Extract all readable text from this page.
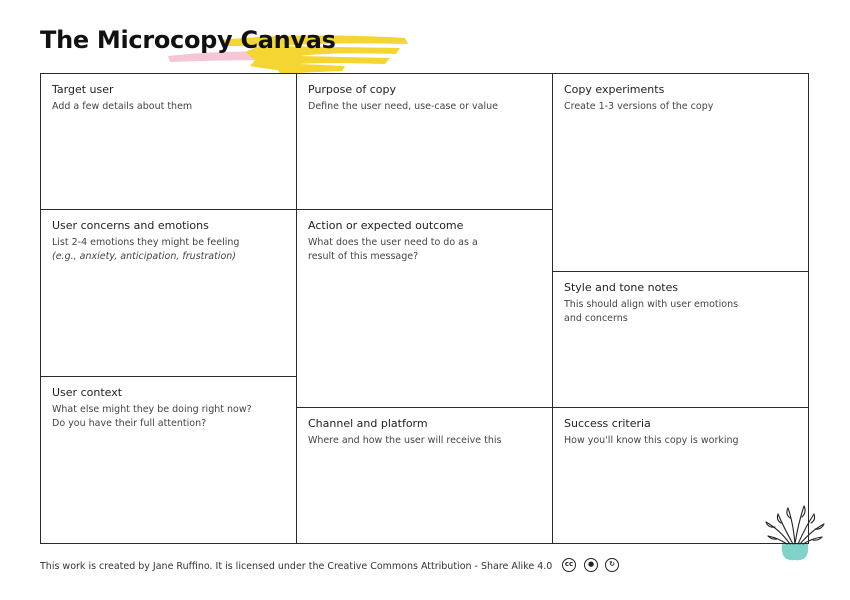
The Microcopy Canvas

Target user

Add a few details about them

Purpose of copy

Define the user need, use-case or value

Copy experiments

Create 1-3 versions of the copy

User concerns and emotions

List 2-4 emotions they might be feeling

(e.g., anxiety, anticipation, frustration)

Action or expected outcome

What does the user need to do as a
result of this message?

Style and tone notes

This should align with user emotions
and concerns

User context

What else might they be doing right now?
Do you have their full attention?	Channel and platform

Where and how the user will receive this

Success criteria

How you'll know this copy is working

This work is created by Jane Ruffino. It is licensed under the Creative Commons Attribution - Share Alike 4.0	cc	●	↻
